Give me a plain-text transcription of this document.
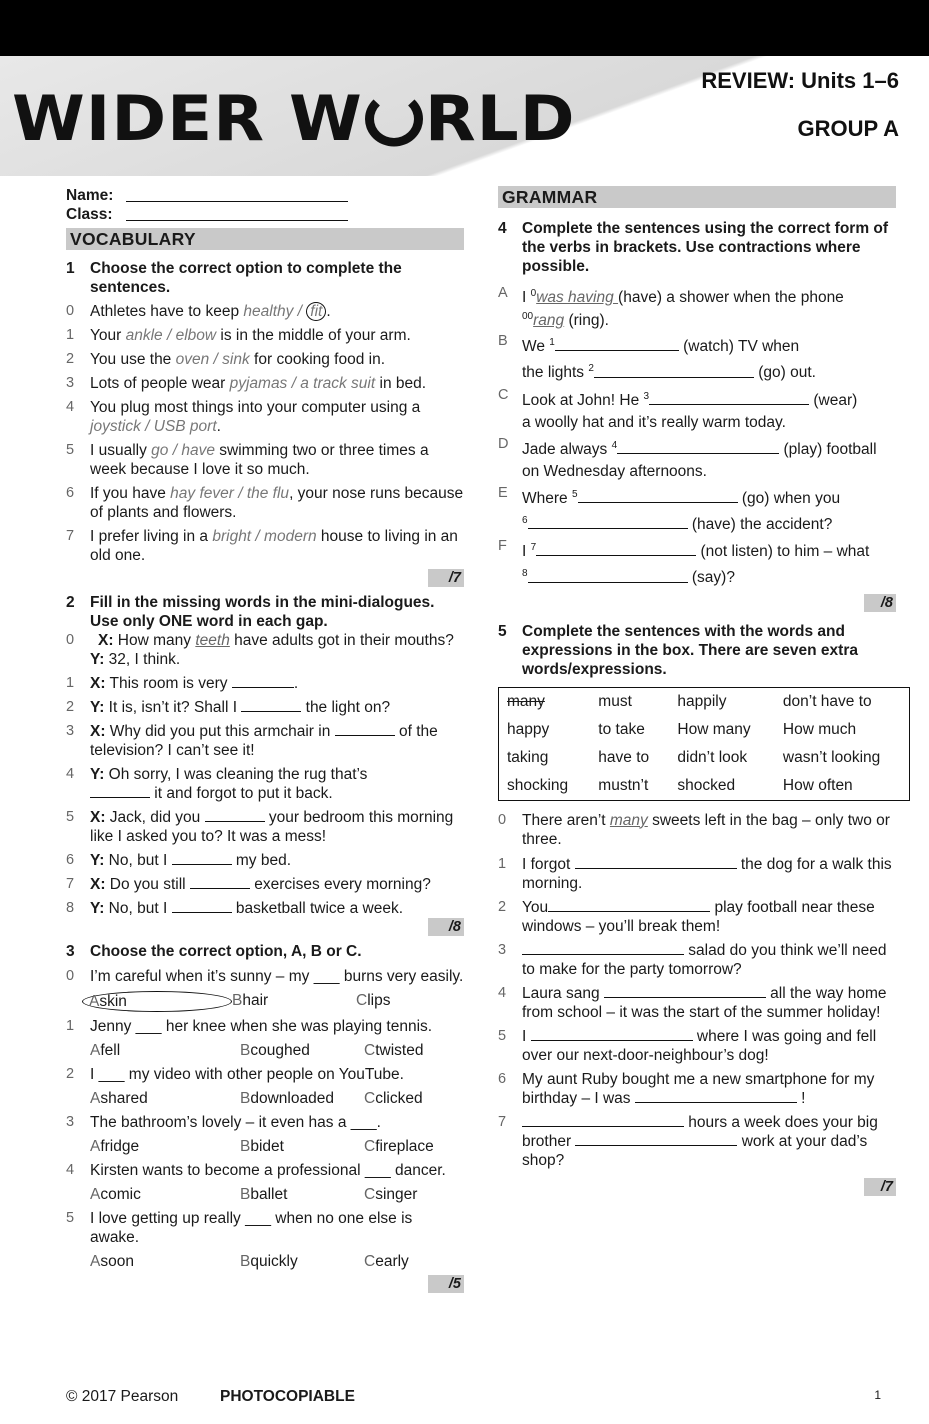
WIDER W RLD
REVIEW: Units 1–6
GROUP A
Name:
Class:
VOCABULARY
1 Choose the correct option to complete the sentences.
0	Athletes have to keep healthy / fit .
1	Your ankle / elbow is in the middle of your arm.
2	You use the oven / sink for cooking food in.
3	Lots of people wear pyjamas / a track suit in bed.
4	You plug most things into your computer using a joystick / USB port.
5	I usually go / have swimming two or three times a week because I love it so much.
6	If you have hay fever / the flu, your nose runs because of plants and flowers.
7	I prefer living in a bright / modern house to living in an old one.
/7
2 Fill in the missing words in the mini-dialogues. Use only ONE word in each gap.
0	X: How many teeth have adults got in their mouths?
Y: 32, I think.
1	X: This room is very	.
2	Y: It is, isn’t it? Shall I	the light on?
3	X: Why did you put this armchair in	of the television? I can’t see it!
4	Y: Oh sorry, I was cleaning the rug that’s
it and forgot to put it back.
5	X: Jack, did you	your bedroom this morning like I asked you to? It was a mess!
6	Y: No, but I	my bed.
7	X: Do you still	exercises every morning?
8	Y: No, but I	basketball twice a week.
/8
3 Choose the correct option, A, B or C.
0	I’m careful when it’s sunny – my ___ burns very easily.
Askin	Bhair	Clips
1	Jenny ___ her knee when she was playing tennis.
Afell	Bcoughed	Ctwisted
2	I ___ my video with other people on YouTube.
Ashared	Bdownloaded	Cclicked
3	The bathroom’s lovely – it even has a ___.
Afridge	Bbidet	Cfireplace
4	Kirsten wants to become a professional ___ dancer.
Acomic	Bballet	Csinger
5	I love getting up really ___ when no one else is awake.
Asoon	Bquickly	Cearly
/5
GRAMMAR
4 Complete the sentences using the correct form of the verbs in brackets. Use contractions where possible.
A I $^0$was having (have) a shower when the phone
$^{00}$rang (ring).
B We $^1$	(watch) TV when
the lights $^2$	(go) out.
C Look at John! He $^3$	(wear)
a woolly hat and it’s really warm today.
D Jade always $^4$	(play) football
on Wednesday afternoons.
E Where $^5$	(go) when you
$^6$	(have) the accident?
F I $^7$	(not listen) to him – what
$^8$	(say)?
/8
5 Complete the sentences with the words and expressions in the box. There are seven extra words/expressions.
many	must	happily	don’t have to
happy	to take	How many	How much
taking	have to	didn’t look	wasn’t looking
shocking	mustn’t	shocked	How often
0	There aren’t many sweets left in the bag – only two or three.
1	I forgot	the dog for a walk this morning.
2	You	play football near these windows – you’ll break them!
3	salad do you think we’ll need to make for the party tomorrow?
4	Laura sang	all the way home from school – it was the start of the summer holiday!
5	I	where I was going and fell over our next-door-neighbour’s dog!
6	My aunt Ruby bought me a new smartphone for my birthday – I was	!
7	hours a week does your big brother	work at your dad’s shop?
/7
© 2017 Pearson	PHOTOCOPIABLE	1
